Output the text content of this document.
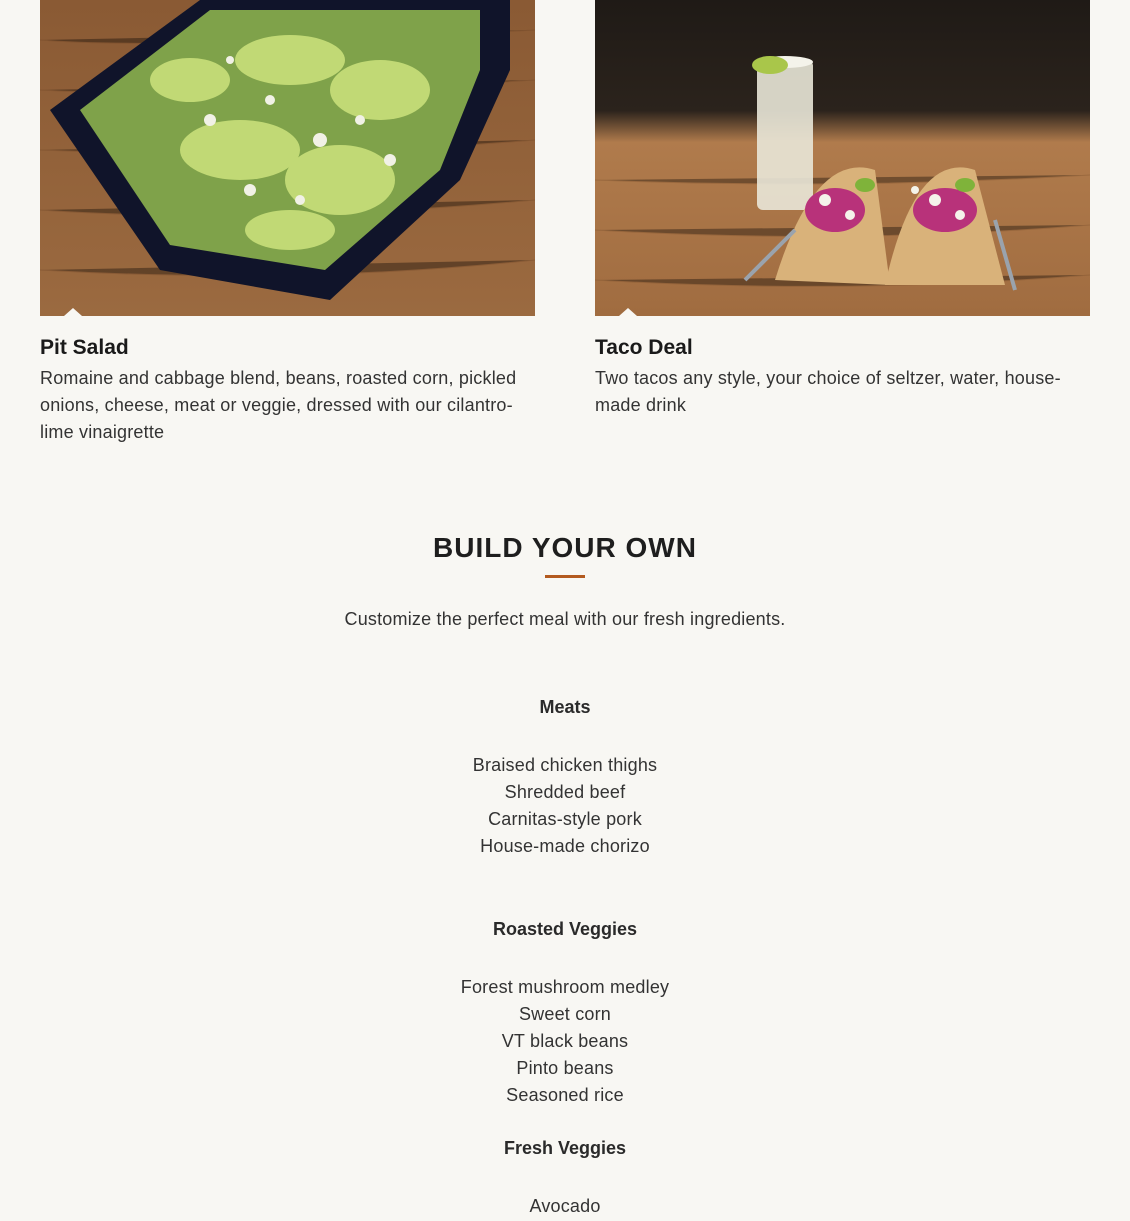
Pit Salad
Romaine and cabbage blend, beans, roasted corn, pickled onions, cheese, meat or veggie, dressed with our cilantro-lime vinaigrette
Taco Deal
Two tacos any style, your choice of seltzer, water, house-made drink
BUILD YOUR OWN
Customize the perfect meal with our fresh ingredients.
Meats
Braised chicken thighs
Shredded beef
Carnitas-style pork
House-made chorizo
Roasted Veggies
Forest mushroom medley
Sweet corn
VT black beans
Pinto beans
Seasoned rice
Fresh Veggies
Avocado
